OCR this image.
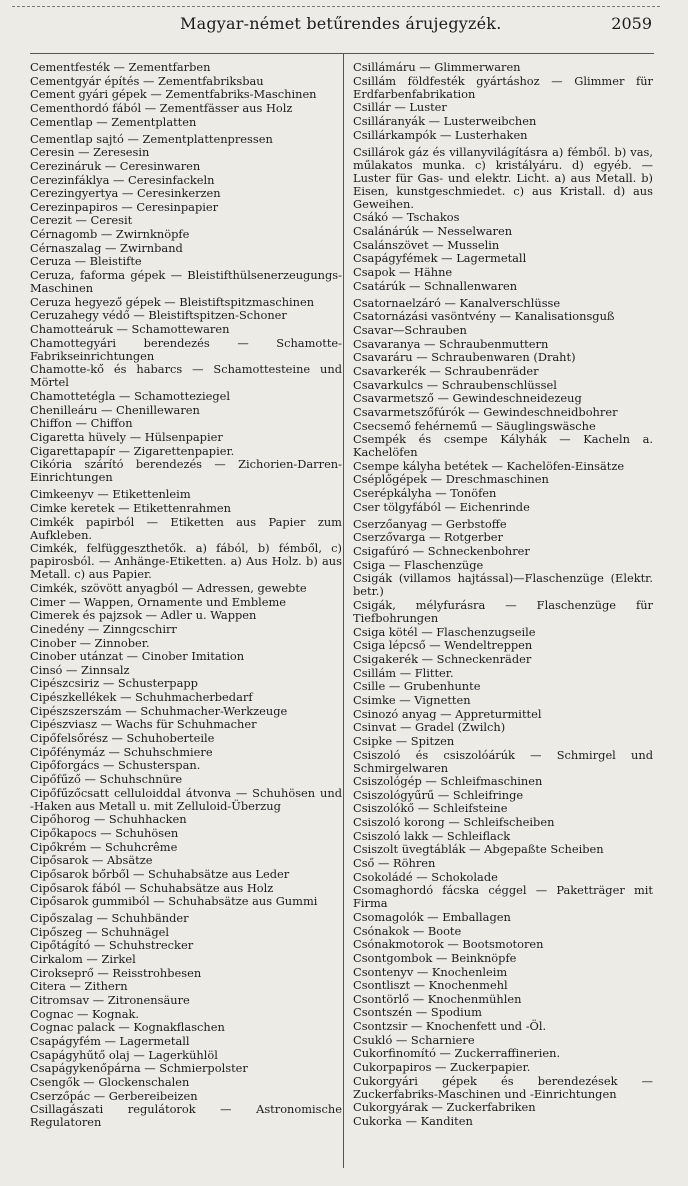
Magyar-német betűrendes árujegyzék.	2059
Cementfesték — Zementfarben
Cementgyár építés — Zementfabriksbau
Cement gyári gépek — Zementfabriks-Maschinen
Cementhordó fából — Zementfässer aus Holz
Cementlap — Zementplatten
Cementlap sajtó — Zementplattenpressen
Ceresin — Zeresesin
Cerezináruk — Ceresinwaren
Cerezinfáklya — Ceresinfackeln
Cerezingyertya — Ceresinkerzen
Cerezinpapiros — Ceresinpapier
Cerezit — Ceresit
Cérnagomb — Zwirnknöpfe
Cérnaszalag — Zwirnband
Ceruza — Bleistifte
Ceruza, faforma gépek — Bleistifthülsenerzeugungs-Maschinen
Ceruza hegyező gépek — Bleistiftspitzmaschinen
Ceruzahegy védő — Bleistiftspitzen-Schoner
Chamotteáruk — Schamottewaren
Chamottegyári berendezés — Schamotte-Fabrikseinrichtungen
Chamotte-kő és habarcs — Schamottesteine und Mörtel
Chamottetégla — Schamotteziegel
Chenilleáru — Chenillewaren
Chiffon — Chiffon
Cigaretta hüvely — Hülsenpapier
Cigarettapapír — Zigarettenpapier.
Cikória szárító berendezés — Zichorien-Darren-Einrichtungen
Cimkeenyv — Etikettenleim
Cimke keretek — Etikettenrahmen
Cimkék papirból — Etiketten aus Papier zum Aufkleben.
Cimkék, felfüggeszthetők. a) fából, b) fémből, c) papirosból. — Anhänge-Etiketten. a) Aus Holz. b) aus Metall. c) aus Papier.
Cimkék, szövött anyagból — Adressen, gewebte
Cimer — Wappen, Ornamente und Embleme
Cimerek és pajzsok — Adler u. Wappen
Cinedény — Zinngcschirr
Cinober — Zinnober.
Cinober utánzat — Cinober Imitation
Cinsó — Zinnsalz
Cipészcsiriz — Schusterpapp
Cipészkellékek — Schuhmacherbedarf
Cipészszerszám — Schuhmacher-Werkzeuge
Cipészviasz — Wachs für Schuhmacher
Cipőfelsőrész — Schuhoberteile
Cipőfénymáz — Schuhschmiere
Cipőforgács — Schusterspan.
Cipőfűző — Schuhschnüre
Cipőfűzőcsatt celluloiddal átvonva — Schuhösen und -Haken aus Metall u. mit Zelluloid-Überzug
Cipőhorog — Schuhhacken
Cipőkapocs — Schuhösen
Cipőkrém — Schuhcrême
Cipősarok — Absätze
Cipősarok bőrből — Schuhabsätze aus Leder
Cipősarok fából — Schuhabsätze aus Holz
Cipősarok gummiból — Schuhabsätze aus Gummi
Cipőszalag — Schuhbänder
Cipőszeg — Schuhnägel
Cipőtágító — Schuhstrecker
Cirkalom — Zirkel
Cirokseprő — Reisstrohbesen
Citera — Zithern
Citromsav — Zitronensäure
Cognac — Kognak.
Cognac palack — Kognakflaschen
Csapágyfém — Lagermetall
Csapágyhűtő olaj — Lagerkühlöl
Csapágykenőpárna — Schmierpolster
Csengők — Glockenschalen
Cserzőpác — Gerbereibeizen
Csillagászati regulátorok — Astronomische Regulatoren
Csillámáru — Glimmerwaren
Csillám földfesték gyártáshoz — Glimmer für Erdfarbenfabrikation
Csillár — Luster
Csilláranyák — Lusterweibchen
Csillárkampók — Lusterhaken
Csillárok gáz és villanyvilágításra a) fémből. b) vas, műlakatos munka. c) kristályáru. d) egyéb. — Luster für Gas- und elektr. Licht. a) aus Metall. b) Eisen, kunstgeschmiedet. c) aus Kristall. d) aus Geweihen.
Csákó — Tschakos
Csalánárúk — Nesselwaren
Csalánszövet — Musselin
Csapágyfémek — Lagermetall
Csapok — Hähne
Csatárúk — Schnallenwaren
Csatornaelzáró — Kanalverschlüsse
Csatornázási vasöntvény — Kanalisationsguß
Csavar—Schrauben
Csavaranya — Schraubenmuttern
Csavaráru — Schraubenwaren (Draht)
Csavarkerék — Schraubenräder
Csavarkulcs — Schraubenschlüssel
Csavarmetsző — Gewindeschneidezeug
Csavarmetszőfúrók — Gewindeschneidbohrer
Csecsemő fehérnemű — Säuglingswäsche
Csempék és csempe Kályhák — Kacheln a. Kachelöfen
Csempe kályha betétek — Kachelöfen-Einsätze
Cséplőgépek — Dreschmaschinen
Cserépkályha — Tonöfen
Cser tölgyfából — Eichenrinde
Cserzőanyag — Gerbstoffe
Cserzővarga — Rotgerber
Csigafúró — Schneckenbohrer
Csiga — Flaschenzüge
Csigák (villamos hajtással)—Flaschenzüge (Elektr. betr.)
Csigák, mélyfurásra — Flaschenzüge für Tiefbohrungen
Csiga kötél — Flaschenzugseile
Csiga lépcső — Wendeltreppen
Csigakerék — Schneckenräder
Csillám — Flitter.
Csille — Grubenhunte
Csimke — Vignetten
Csinozó anyag — Appreturmittel
Csinvat — Gradel (Zwilch)
Csipke — Spitzen
Csiszoló és csiszolóárúk — Schmirgel und Schmirgelwaren
Csiszológép — Schleifmaschinen
Csiszológyűrű — Schleifringe
Csiszolókő — Schleifsteine
Csiszoló korong — Schleifscheiben
Csiszoló lakk — Schleiflack
Csiszolt üvegtáblák — Abgepaßte Scheiben
Cső — Röhren
Csokoládé — Schokolade
Csomaghordó fácska céggel — Paketträger mit Firma
Csomagolók — Emballagen
Csónakok — Boote
Csónakmotorok — Bootsmotoren
Csontgombok — Beinknöpfe
Csontenyv — Knochenleim
Csontliszt — Knochenmehl
Csontörlő — Knochenmühlen
Csontszén — Spodium
Csontzsir — Knochenfett und -Öl.
Csukló — Scharniere
Cukorfinomító — Zuckerraffinerien.
Cukorpapiros — Zuckerpapier.
Cukorgyári gépek és berendezések — Zuckerfabriks-Maschinen und -Einrichtungen
Cukorgyárak — Zuckerfabriken
Cukorka — Kanditen
